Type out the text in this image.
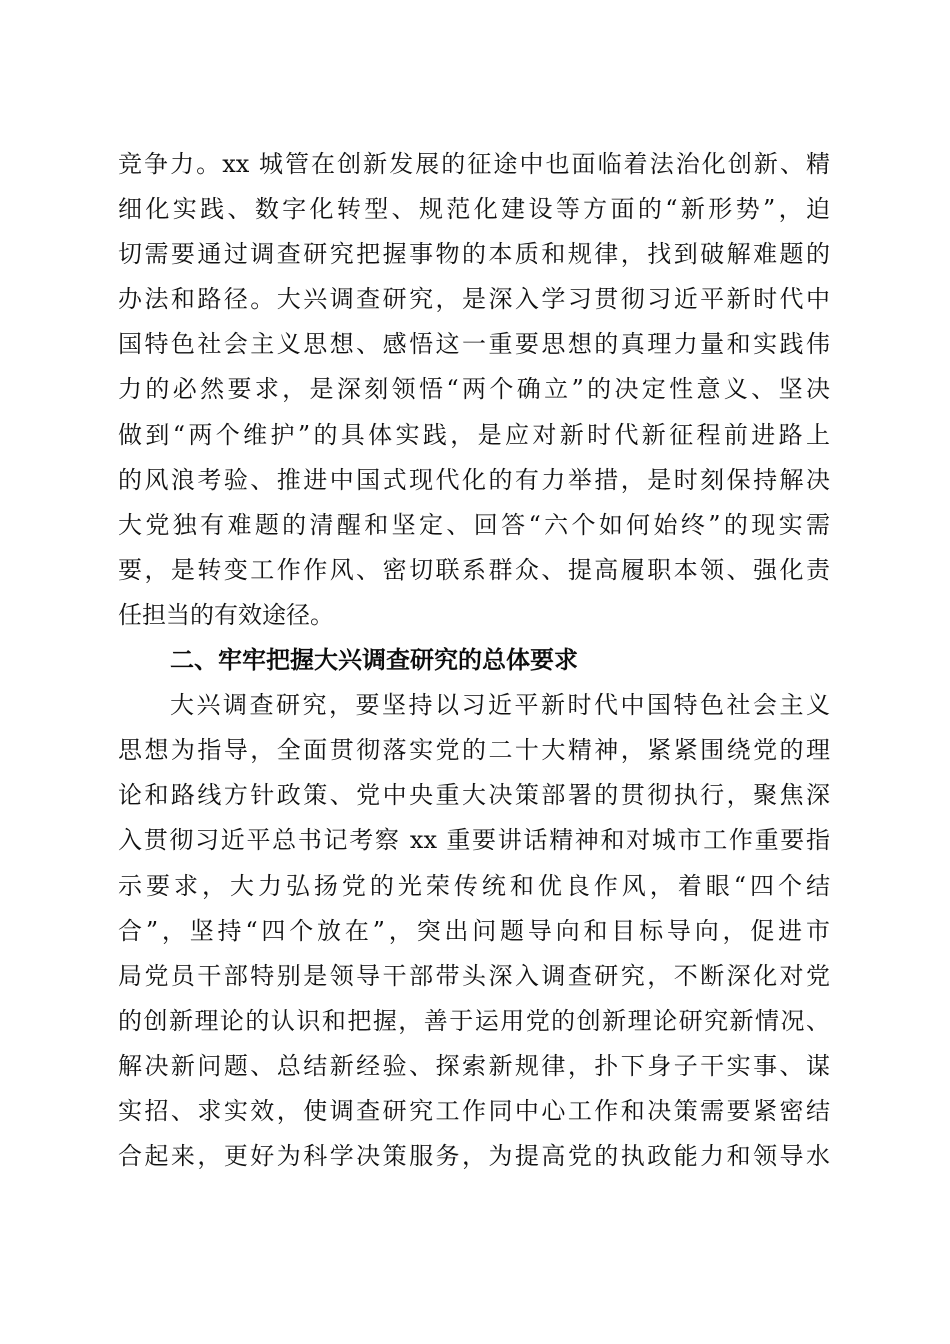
竞争力。xx 城管在创新发展的征途中也面临着法治化创新、精
细化实践、数字化转型、规范化建设等方面的“新形势”，迫
切需要通过调查研究把握事物的本质和规律，找到破解难题的
办法和路径。大兴调查研究，是深入学习贯彻习近平新时代中
国特色社会主义思想、感悟这一重要思想的真理力量和实践伟
力的必然要求，是深刻领悟“两个确立”的决定性意义、坚决
做到“两个维护”的具体实践，是应对新时代新征程前进路上
的风浪考验、推进中国式现代化的有力举措，是时刻保持解决
大党独有难题的清醒和坚定、回答“六个如何始终”的现实需
要，是转变工作作风、密切联系群众、提高履职本领、强化责
任担当的有效途径。
二、牢牢把握大兴调查研究的总体要求
大兴调查研究，要坚持以习近平新时代中国特色社会主义
思想为指导，全面贯彻落实党的二十大精神，紧紧围绕党的理
论和路线方针政策、党中央重大决策部署的贯彻执行，聚焦深
入贯彻习近平总书记考察 xx 重要讲话精神和对城市工作重要指
示要求，大力弘扬党的光荣传统和优良作风，着眼“四个结
合”，坚持“四个放在”，突出问题导向和目标导向，促进市
局党员干部特别是领导干部带头深入调查研究，不断深化对党
的创新理论的认识和把握，善于运用党的创新理论研究新情况、
解决新问题、总结新经验、探索新规律，扑下身子干实事、谋
实招、求实效，使调查研究工作同中心工作和决策需要紧密结
合起来，更好为科学决策服务，为提高党的执政能力和领导水
